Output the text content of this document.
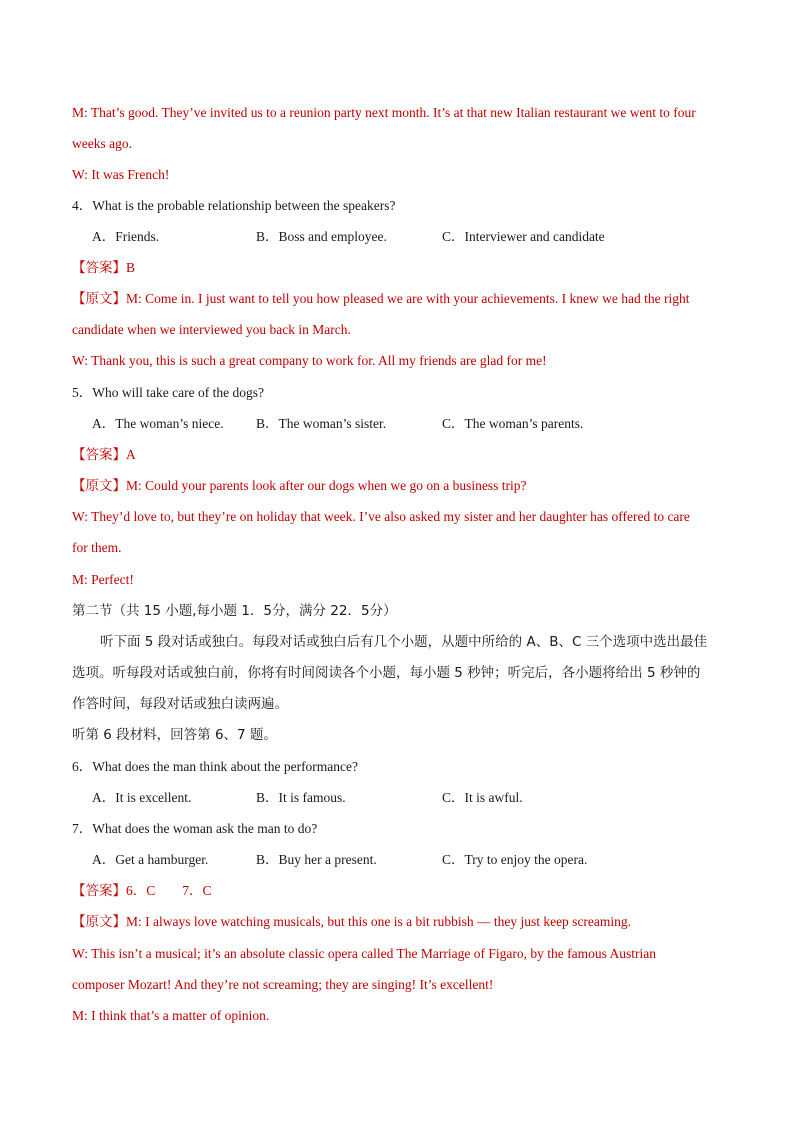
M: That’s good. They’ve invited us to a reunion party next month. It’s at that new Italian restaurant we went to four
weeks ago.
W: It was French!
4．What is the probable relationship between the speakers?
A．Friends.	B．Boss and employee.	C．Interviewer and candidate
【答案】B
【原文】M: Come in. I just want to tell you how pleased we are with your achievements. I knew we had the right
candidate when we interviewed you back in March.
W: Thank you, this is such a great company to work for. All my friends are glad for me!
5．Who will take care of the dogs?
A．The woman’s niece. B．The woman’s sister.	C．The woman’s parents.
【答案】A
【原文】M: Could your parents look after our dogs when we go on a business trip?
W: They’d love to, but they’re on holiday that week. I’ve also asked my sister and her daughter has offered to care
for them.
M: Perfect!
第二节（共 15 小题,每小题 1．5分，满分 22．5分）
听下面 5 段对话或独白。每段对话或独白后有几个小题，从题中所给的 A、B、C 三个选项中选出最佳
选项。听每段对话或独白前，你将有时间阅读各个小题，每小题 5 秒钟；听完后，各小题将给出 5 秒钟的
作答时间，每段对话或独白读两遍。
听第 6 段材料，回答第 6、7 题。
6．What does the man think about the performance?
A．It is excellent.	B．It is famous.	C．It is awful.
7．What does the woman ask the man to do?
A．Get a hamburger.	B．Buy her a present.	C．Try to enjoy the opera.
【答案】6．C　　7．C
【原文】M: I always love watching musicals, but this one is a bit rubbish — they just keep screaming.
W: This isn’t a musical; it’s an absolute classic opera called The Marriage of Figaro, by the famous Austrian
composer Mozart! And they’re not screaming; they are singing! It’s excellent!
M: I think that’s a matter of opinion.
